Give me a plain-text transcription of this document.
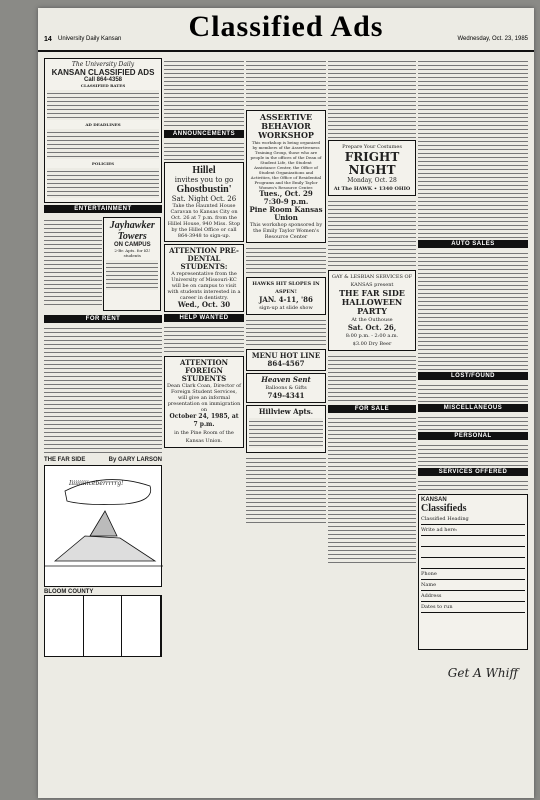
14 University Daily Kansan	Classified Ads	Wednesday, Oct. 23, 1985
The University Daily
KANSAN CLASSIFIED ADS
Call 864-4358
CLASSIFIED RATES
AD DEADLINES
POLICIES
ENTERTAINMENT

Jayhawker Towers
ON CAMPUS
2-Br. Apts. for KU students
FOR RENT
THE FAR SIDE	By GARY LARSON
Iiiiiiiiiiceberrrrrg!
BLOOM COUNTY
ANNOUNCEMENTS
Hillel
invites you to go
Ghostbustin'
Sat. Night Oct. 26
Take the Haunted House Caravan to Kansas City on Oct. 26 at 7 p.m. from the Hillel House, 940 Miss. Stop by the Hillel Office or call 864-3948 to sign-up.
ATTENTION PRE-DENTAL STUDENTS:
A representative from the University of Missouri-KC will be on campus to visit with students interested in a career in dentistry.
Wed., Oct. 30
HELP WANTED
ATTENTION FOREIGN STUDENTS
Dean Clark Coan, Director of Foreign Student Services, will give an informal presentation on immigration on
October 24, 1985, at 7 p.m.
in the Pine Room of the Kansas Union.
ASSERTIVE BEHAVIOR WORKSHOP
This workshop is being organized by members of the Assertiveness Training Group, those who are people in the offices of the Dean of Student Life, the Student Assistance Center, the Office of Student Organizations and Activities, the Office of Residential Programs and the Emily Taylor Women's Resource Center.
Tues., Oct. 29 7:30-9 p.m.
Pine Room Kansas Union
This workshop sponsored by the Emily Taylor Women's Resource Center
HAWKS HIT SLOPES IN ASPEN!
JAN. 4-11, '86
sign-up at slide show
MENU HOT LINE
864-4567
Heaven Sent
Balloons & Gifts
749-4341
Hillview Apts.
Prepare Your Costumes
FRIGHT NIGHT
Monday, Oct. 28
At The HAWK • 1340 OHIO
GAY & LESBIAN SERVICES OF KANSAS present
THE FAR SIDE HALLOWEEN PARTY
At the Outhouse
Sat. Oct. 26,
8:00 p.m. - 2:00 a.m.
$3.00 Dry Beer
FOR SALE
AUTO SALES
LOST/FOUND
MISCELLANEOUS
PERSONAL
SERVICES OFFERED
KANSAN
Classifieds
Get A Whiff
Classified Heading
Write ad here:
Phone
Name
Address
Dates to run
